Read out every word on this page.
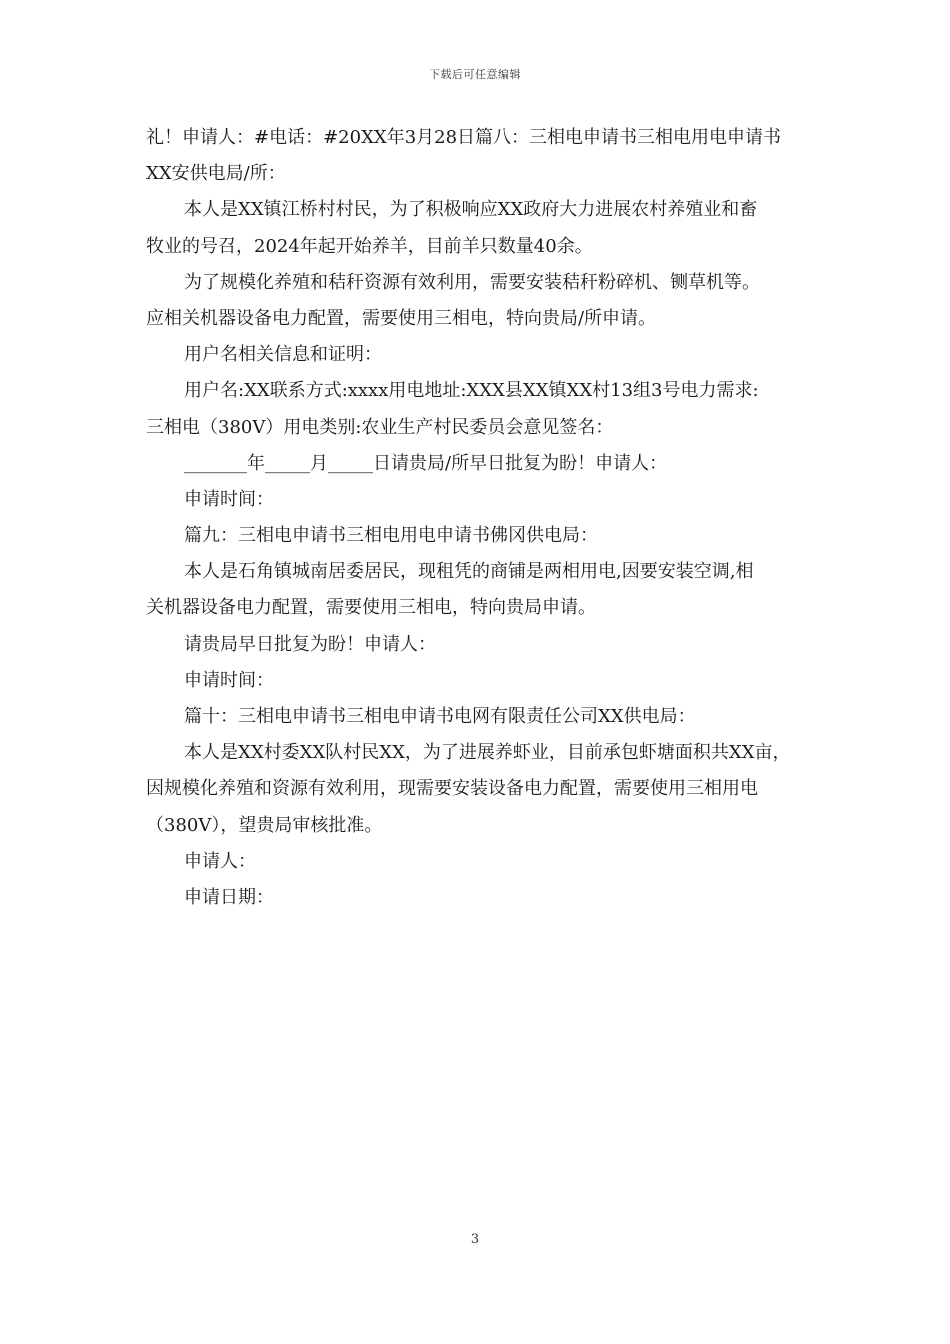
下载后可任意编辑
礼！申请人：#电话：#20XX年3月28日篇八：三相电申请书三相电用电申请书
XX安供电局/所：
本人是XX镇江桥村村民，为了积极响应XX政府大力进展农村养殖业和畜
牧业的号召，2024年起开始养羊，目前羊只数量40余。
为了规模化养殖和秸秆资源有效利用，需要安装秸秆粉碎机、铡草机等。
应相关机器设备电力配置，需要使用三相电，特向贵局/所申请。
用户名相关信息和证明：
用户名:XX联系方式:xxxx用电地址:XXX县XX镇XX村13组3号电力需求:
三相电（380V）用电类别:农业生产村民委员会意见签名：
_______年_____月_____日请贵局/所早日批复为盼！申请人：
申请时间：
篇九：三相电申请书三相电用电申请书佛冈供电局：
本人是石角镇城南居委居民，现租凭的商铺是两相用电,因要安装空调,相
关机器设备电力配置，需要使用三相电，特向贵局申请。
请贵局早日批复为盼！申请人：
申请时间：
篇十：三相电申请书三相电申请书电网有限责任公司XX供电局：
本人是XX村委XX队村民XX，为了进展养虾业，目前承包虾塘面积共XX亩，
因规模化养殖和资源有效利用，现需要安装设备电力配置，需要使用三相用电
（380V），望贵局审核批准。
申请人：
申请日期：
3
